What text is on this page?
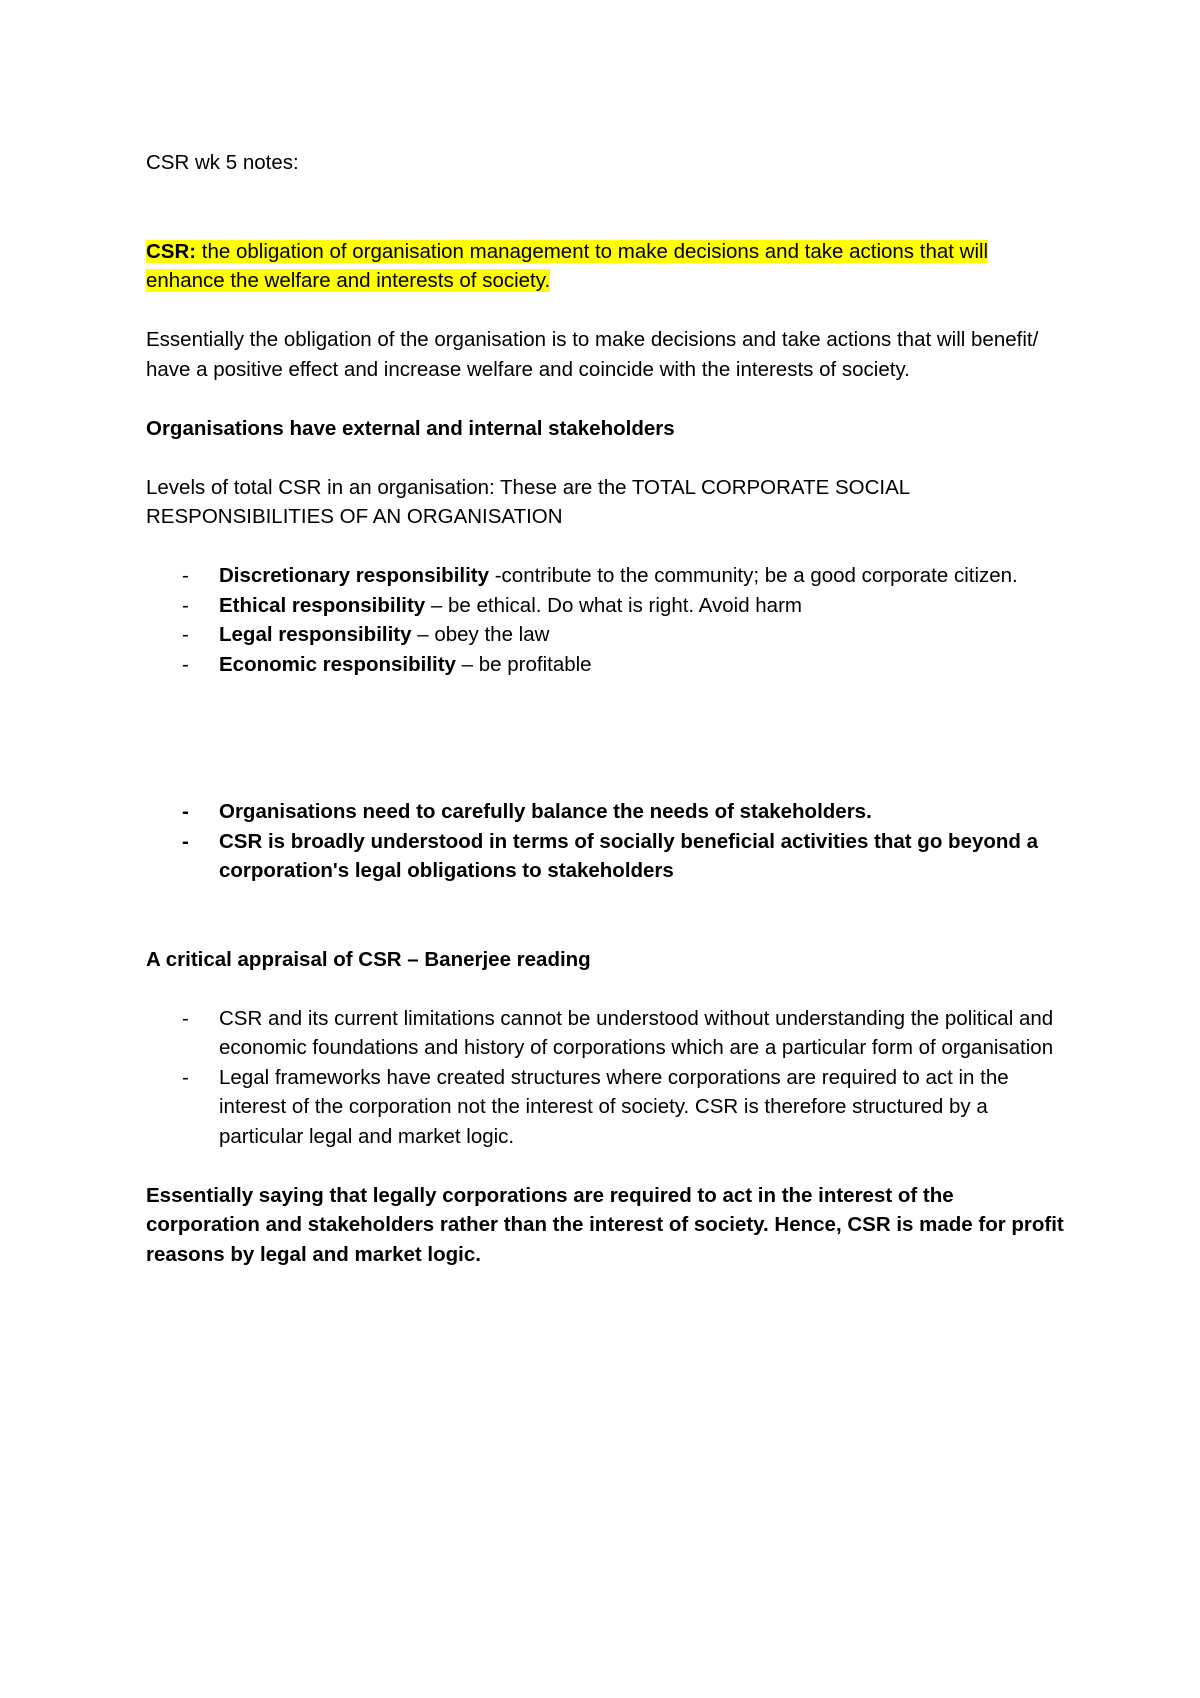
CSR wk 5 notes:

CSR: the obligation of organisation management to make decisions and take actions that will enhance the welfare and interests of society.

Essentially the obligation of the organisation is to make decisions and take actions that will benefit/ have a positive effect and increase welfare and coincide with the interests of society.

Organisations have external and internal stakeholders

Levels of total CSR in an organisation: These are the TOTAL CORPORATE SOCIAL RESPONSIBILITIES OF AN ORGANISATION

- Discretionary responsibility -contribute to the community; be a good corporate citizen.
- Ethical responsibility – be ethical. Do what is right. Avoid harm
- Legal responsibility – obey the law
- Economic responsibility – be profitable
- Organisations need to carefully balance the needs of stakeholders.
- CSR is broadly understood in terms of socially beneficial activities that go beyond a corporation's legal obligations to stakeholders

A critical appraisal of CSR – Banerjee reading

- CSR and its current limitations cannot be understood without understanding the political and economic foundations and history of corporations which are a particular form of organisation
- Legal frameworks have created structures where corporations are required to act in the interest of the corporation not the interest of society. CSR is therefore structured by a particular legal and market logic.

Essentially saying that legally corporations are required to act in the interest of the corporation and stakeholders rather than the interest of society. Hence, CSR is made for profit reasons by legal and market logic.
